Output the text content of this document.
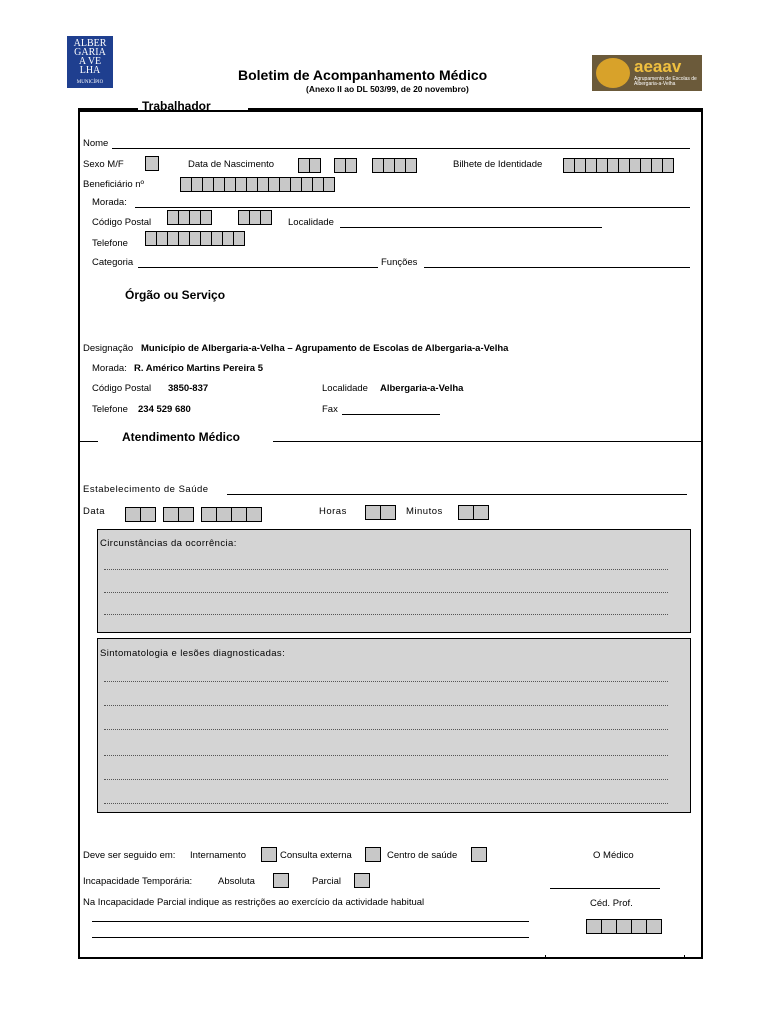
ALBER
GARIA
A VE
LHA
MUNICÍPIO	Boletim de Acompanhamento Médico
(Anexo II ao DL 503/99, de 20 novembro)
aeaav
Agrupamento de Escolas de Albergaria-a-Velha
Trabalhador
Nome
Sexo M/F	Data de Nascimento	Bilhete de Identidade
Beneficiário nº
Morada:
Código Postal	Localidade
Telefone
Categoria	Funções
Órgão ou Serviço
Designação Município de Albergaria-a-Velha – Agrupamento de Escolas de Albergaria-a-Velha
Morada: R. Américo Martins Pereira 5
Código Postal 3850-837	Localidade Albergaria-a-Velha
Telefone 234 529 680	Fax
Atendimento Médico
Estabelecimento de Saúde
Data	Horas	Minutos
Circunstâncias da ocorrência:
Sintomatologia e lesões diagnosticadas:
Deve ser seguido em: Internamento	Consulta externa	Centro de saúde	O Médico
Incapacidade Temporária:	Absoluta	Parcial
Na Incapacidade Parcial indique as restrições ao exercício da actividade habitual	Céd. Prof.
